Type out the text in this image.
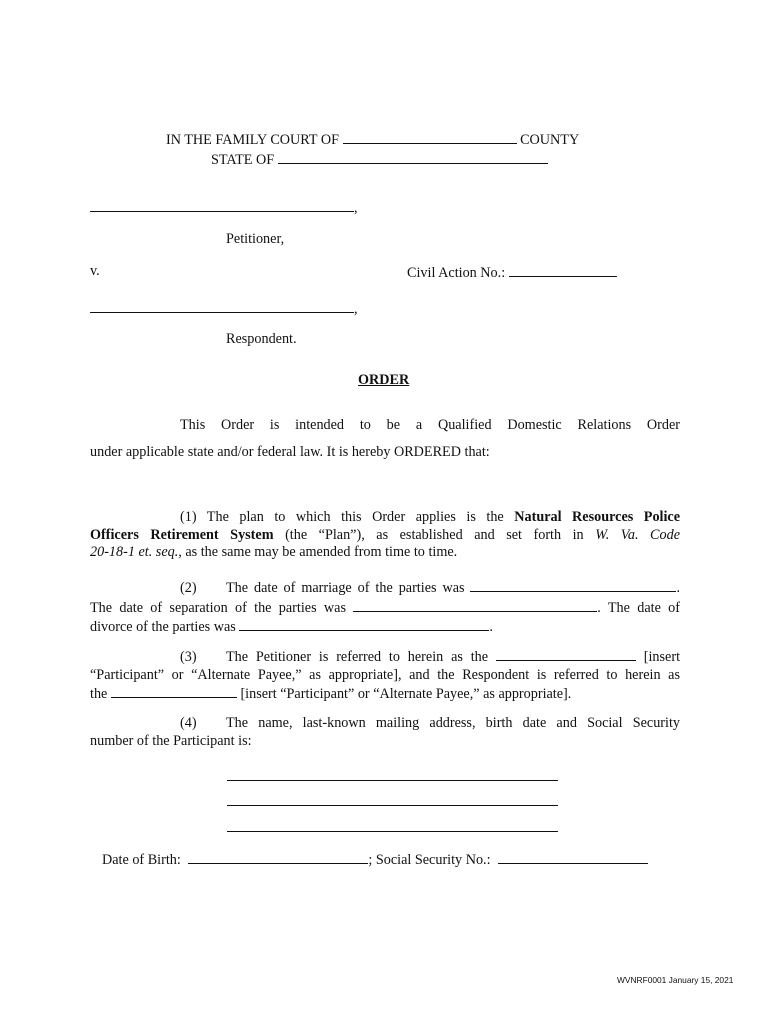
IN THE FAMILY COURT OF	COUNTY
STATE OF
,
Petitioner,
v.	Civil Action No.:
,
Respondent.
ORDER
This Order is intended to be a Qualified Domestic Relations Order
under applicable state and/or federal law. It is hereby ORDERED that:
(1) The plan to which this Order applies is the Natural Resources Police
Officers Retirement System (the “Plan”), as established and set forth in W. Va. Code
20-18-1 et. seq., as the same may be amended from time to time.
(2) The date of marriage of the parties was	.
The date of separation of the parties was	. The date of
divorce of the parties was	.
(3) The Petitioner is referred to herein as the	[insert
“Participant” or “Alternate Payee,” as appropriate], and the Respondent is referred to herein as
the	[insert “Participant” or “Alternate Payee,” as appropriate].
(4) The name, last-known mailing address, birth date and Social Security
number of the Participant is:
Date of Birth:	; Social Security No.:
WVNRF0001 January 15, 2021
